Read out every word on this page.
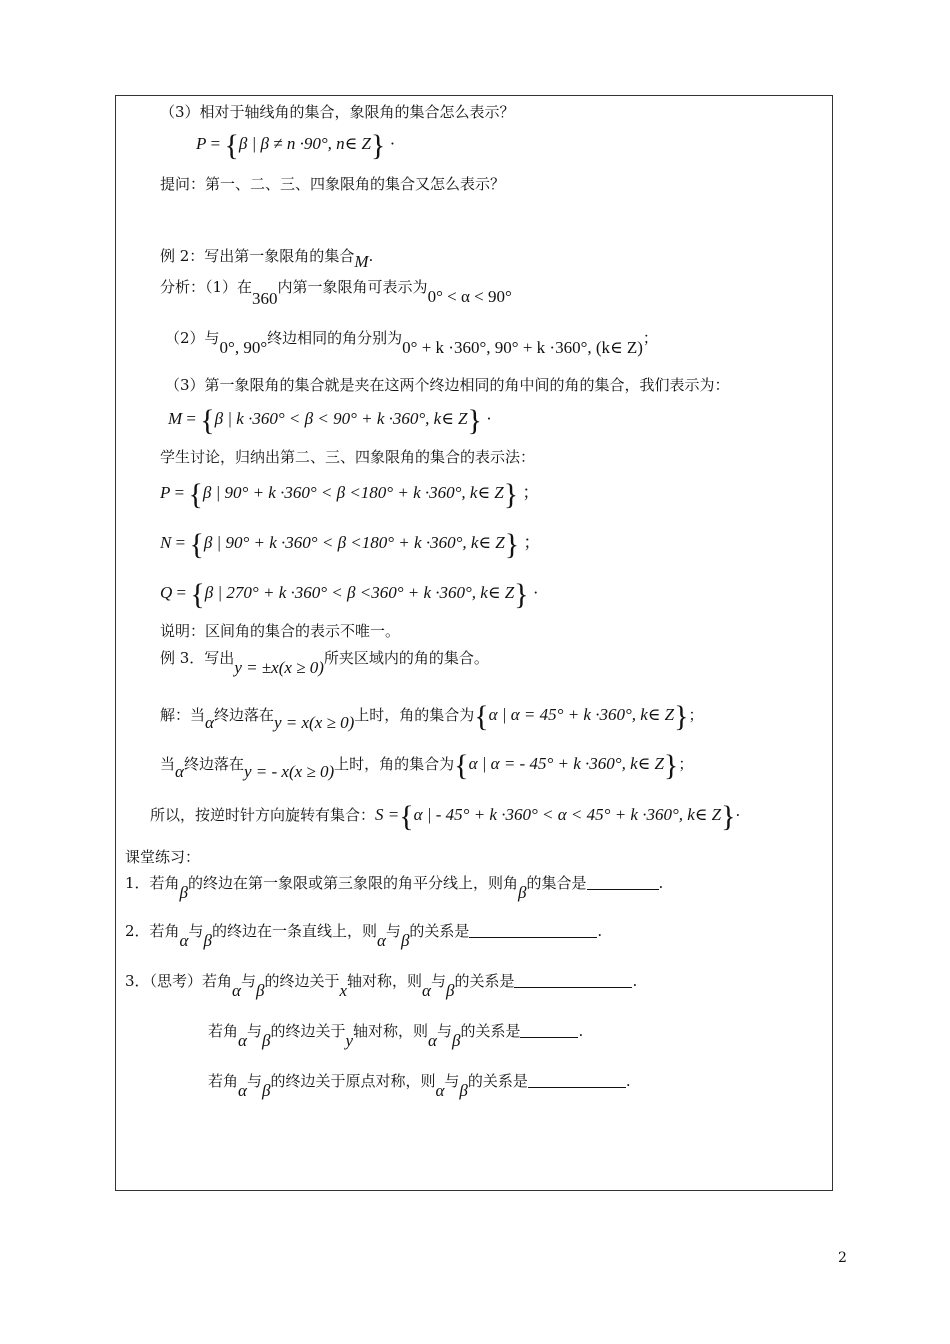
（3）相对于轴线角的集合，象限角的集合怎么表示？
P = {β | β ≠ n ·90°, n∈ Z} ·
提问：第一、二、三、四象限角的集合又怎么表示？
例 2：写出第一象限角的集合M.
分析：（1）在360内第一象限角可表示为0° < α < 90°
（2）与0°, 90°终边相同的角分别为0° + k ·360°, 90° + k ·360°, (k∈ Z)；
（3）第一象限角的集合就是夹在这两个终边相同的角中间的角的集合，我们表示为：
M = {β | k ·360° < β < 90° + k ·360°, k∈ Z} ·
学生讨论，归纳出第二、三、四象限角的集合的表示法：
P = {β | 90° + k ·360° < β <180° + k ·360°, k∈ Z} ；
N = {β | 90° + k ·360° < β <180° + k ·360°, k∈ Z} ；
Q = {β | 270° + k ·360° < β <360° + k ·360°, k∈ Z} ·
说明：区间角的集合的表示不唯一。
例 3．写出y = ±x(x ≥ 0)所夹区域内的角的集合。
解：当α终边落在y = x(x ≥ 0)上时，角的集合为{α | α = 45° + k ·360°, k∈ Z}；
当α终边落在y = - x(x ≥ 0)上时，角的集合为{α | α = - 45° + k ·360°, k∈ Z}；
所以，按逆时针方向旋转有集合：S ={α | - 45° + k ·360° < α < 45° + k ·360°, k∈ Z}·
课堂练习：
1．若角β的终边在第一象限或第三象限的角平分线上，则角β的集合是	.
2．若角α与β的终边在一条直线上，则α与β的关系是	.
3．（思考）若角α与β的终边关于x轴对称，则α与β的关系是	.
若角α与β的终边关于y轴对称，则α与β的关系是	.
若角α与β的终边关于原点对称，则α与β的关系是	.
2
